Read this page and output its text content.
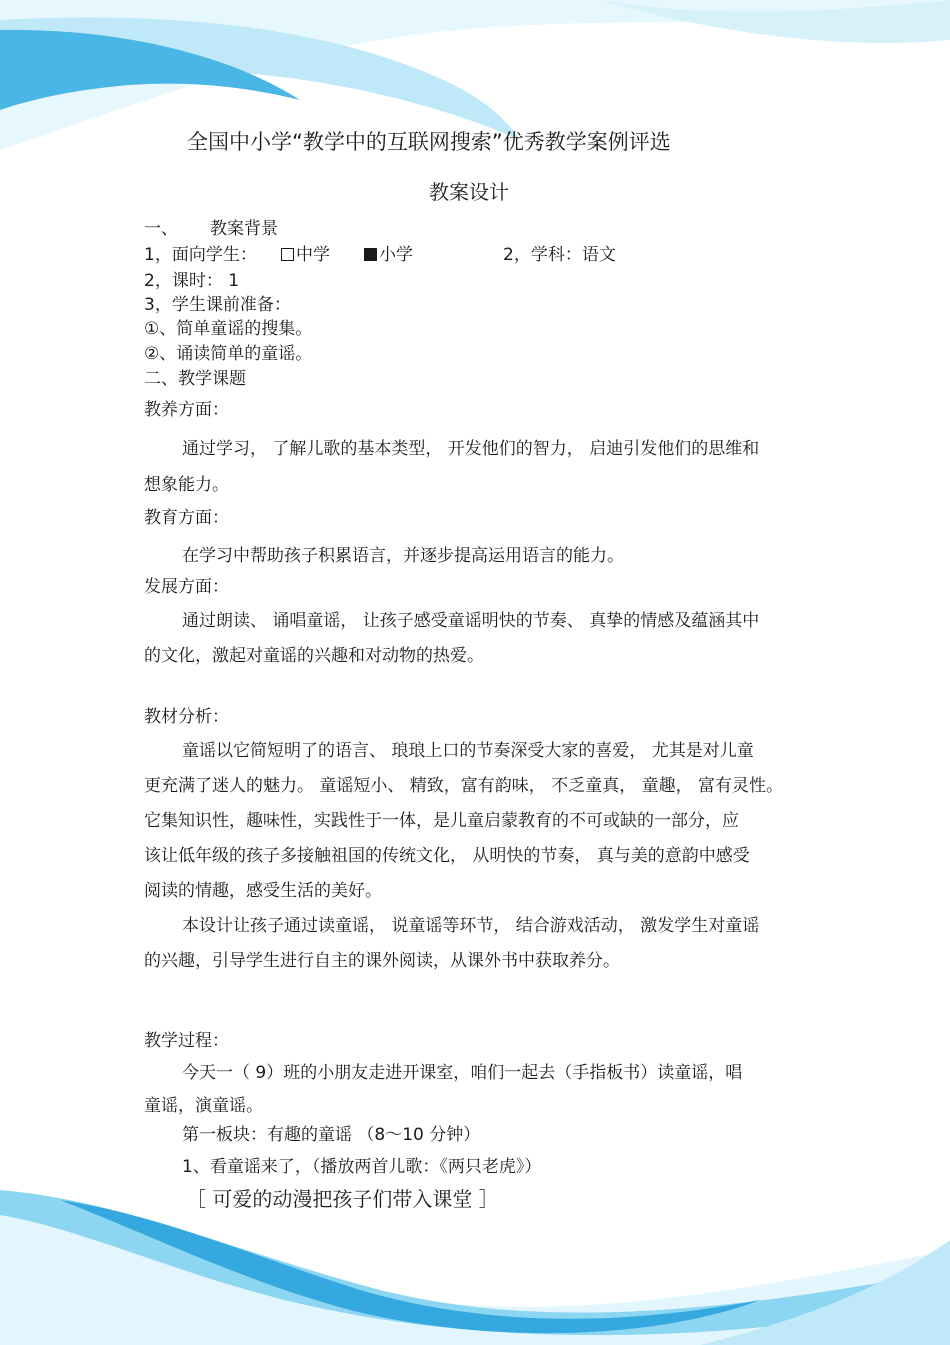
全国中小学“教学中的互联网搜索”优秀教学案例评选
教案设计
一、 教案背景
1，面向学生：	中学	小学	2，学科：语文
2，课时： 1
3，学生课前准备：
①、简单童谣的搜集。
②、诵读简单的童谣。
二、教学课题
教养方面：
通过学习， 了解儿歌的基本类型， 开发他们的智力， 启迪引发他们的思维和
想象能力。
教育方面：
在学习中帮助孩子积累语言，并逐步提高运用语言的能力。
发展方面：
通过朗读、 诵唱童谣， 让孩子感受童谣明快的节奏、 真挚的情感及蕴涵其中
的文化，激起对童谣的兴趣和对动物的热爱。
教材分析：
童谣以它简短明了的语言、 琅琅上口的节奏深受大家的喜爱， 尤其是对儿童
更充满了迷人的魅力。 童谣短小、 精致，富有韵味， 不乏童真， 童趣， 富有灵性。
它集知识性，趣味性，实践性于一体，是儿童启蒙教育的不可或缺的一部分，应
该让低年级的孩子多接触祖国的传统文化， 从明快的节奏， 真与美的意韵中感受
阅读的情趣，感受生活的美好。
本设计让孩子通过读童谣， 说童谣等环节， 结合游戏活动， 激发学生对童谣
的兴趣，引导学生进行自主的课外阅读，从课外书中获取养分。
教学过程：
今天一（ 9）班的小朋友走进开课室，咱们一起去（手指板书）读童谣，唱
童谣，演童谣。
第一板块：有趣的童谣 （8～10 分钟）
1、看童谣来了，（播放两首儿歌：《两只老虎》）
［ 可爱的动漫把孩子们带入课堂 ］
